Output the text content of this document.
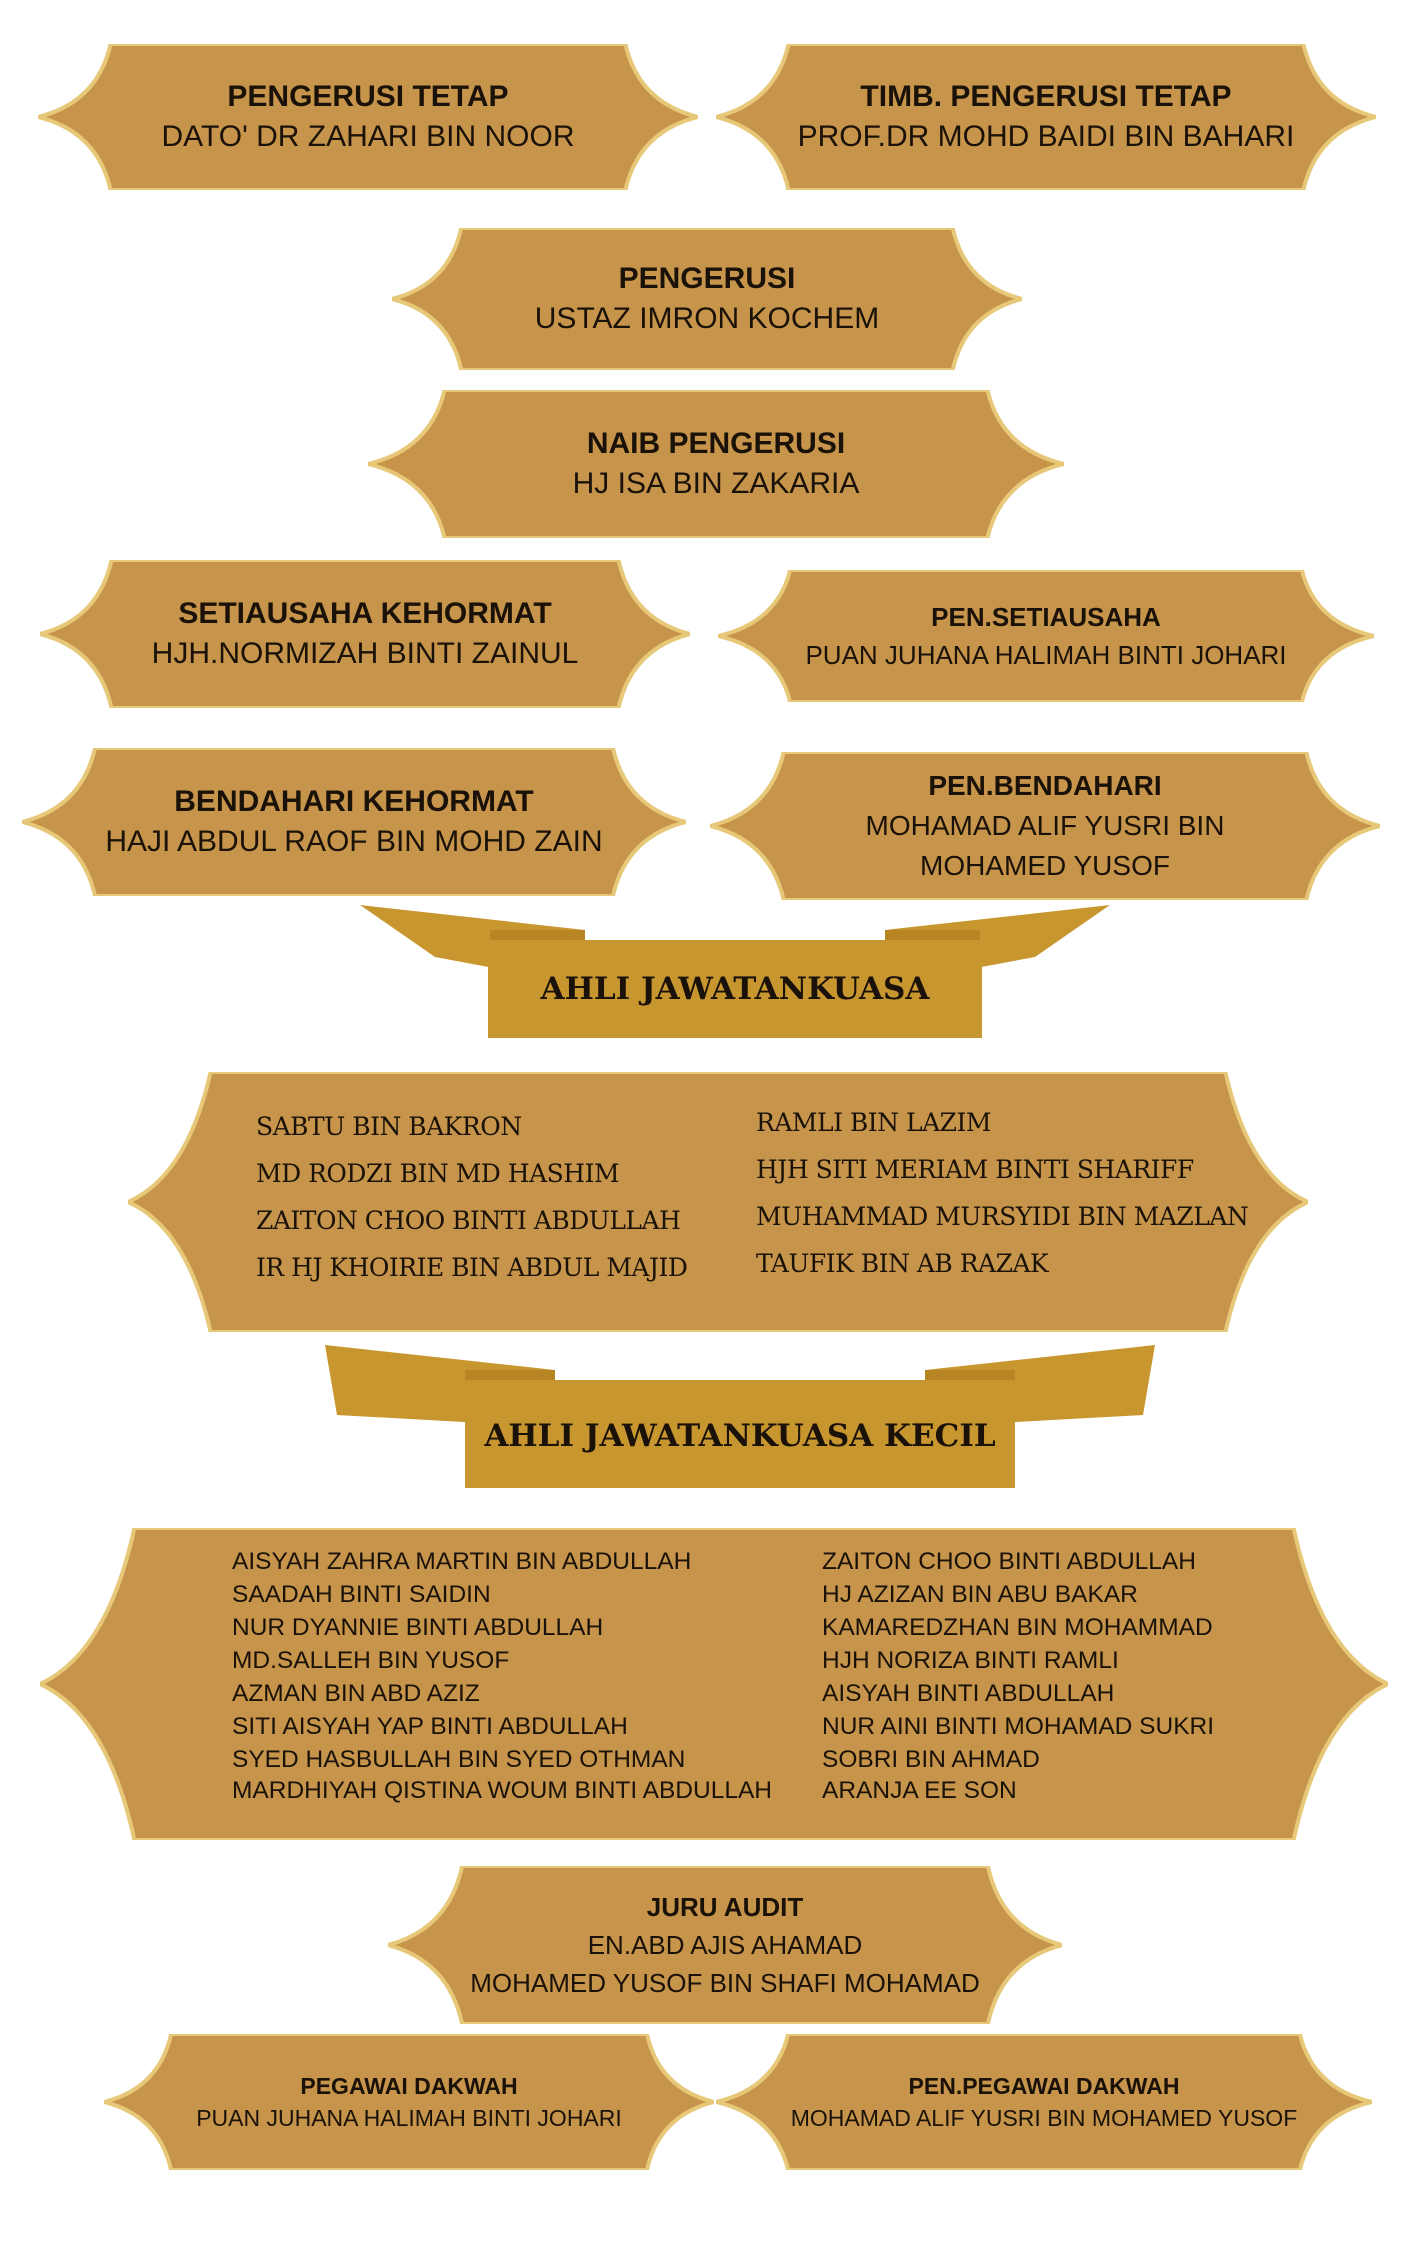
PENGERUSI TETAP
DATO' DR ZAHARI BIN NOOR
TIMB. PENGERUSI TETAP
PROF.DR MOHD BAIDI BIN BAHARI
PENGERUSI
USTAZ IMRON KOCHEM
NAIB PENGERUSI
HJ ISA BIN ZAKARIA
SETIAUSAHA KEHORMAT
HJH.NORMIZAH BINTI ZAINUL
PEN.SETIAUSAHA
PUAN JUHANA HALIMAH BINTI JOHARI
BENDAHARI KEHORMAT
HAJI ABDUL RAOF BIN MOHD ZAIN
PEN.BENDAHARI
MOHAMAD ALIF YUSRI BIN
MOHAMED YUSOF
AHLI JAWATANKUASA
SABTU BIN BAKRON
MD RODZI BIN MD HASHIM
ZAITON CHOO BINTI ABDULLAH
IR HJ KHOIRIE BIN ABDUL MAJID
RAMLI BIN LAZIM
HJH SITI MERIAM BINTI SHARIFF
MUHAMMAD MURSYIDI BIN MAZLAN
TAUFIK BIN AB RAZAK
AHLI JAWATANKUASA KECIL
AISYAH ZAHRA MARTIN BIN ABDULLAH
SAADAH BINTI SAIDIN
NUR DYANNIE BINTI ABDULLAH
MD.SALLEH BIN YUSOF
AZMAN BIN ABD AZIZ
SITI AISYAH YAP BINTI ABDULLAH
SYED HASBULLAH BIN SYED OTHMAN
MARDHIYAH QISTINA WOUM BINTI ABDULLAH
ZAITON CHOO BINTI ABDULLAH
HJ AZIZAN BIN ABU BAKAR
KAMAREDZHAN BIN MOHAMMAD
HJH NORIZA BINTI RAMLI
AISYAH BINTI ABDULLAH
NUR AINI BINTI MOHAMAD SUKRI
SOBRI BIN AHMAD
ARANJA EE SON
JURU AUDIT
EN.ABD AJIS AHAMAD
MOHAMED YUSOF BIN SHAFI MOHAMAD
PEGAWAI DAKWAH
PUAN JUHANA HALIMAH BINTI JOHARI
PEN.PEGAWAI DAKWAH
MOHAMAD ALIF YUSRI BIN MOHAMED YUSOF
